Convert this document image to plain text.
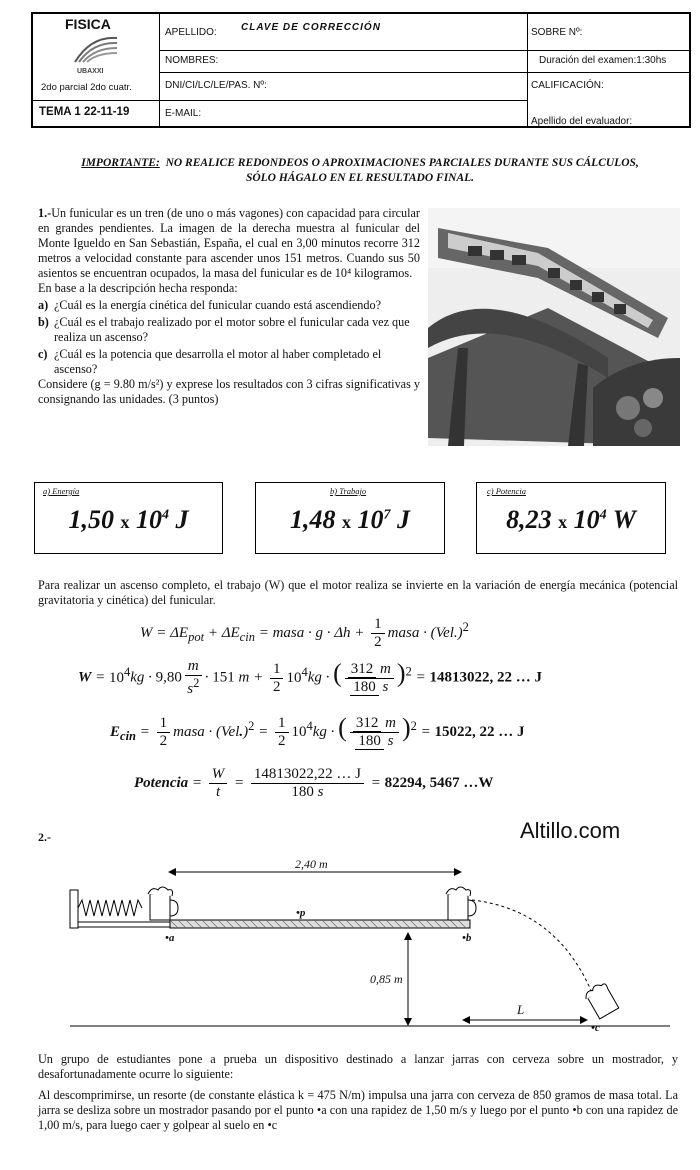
FISICA
UBAXXI
2do parcial 2do cuatr.
TEMA 1 22-11-19
APELLIDO: CLAVE DE CORRECCIÓN
NOMBRES:
DNI/CI/LC/LE/PAS. Nº:
E-MAIL:
SOBRE Nº:
Duración del examen:1:30hs
CALIFICACIÓN:
Apellido del evaluador:
IMPORTANTE: NO REALICE REDONDEOS O APROXIMACIONES PARCIALES DURANTE SUS CÁLCULOS,
SÓLO HÁGALO EN EL RESULTADO FINAL.
1.-Un funicular es un tren (de uno o más vagones) con capacidad para circular en grandes pendientes. La imagen de la derecha muestra al funicular del Monte Igueldo en San Sebastián, España, el cual en 3,00 minutos recorre 312 metros a velocidad constante para ascender unos 151 metros. Cuando sus 50 asientos se encuentran ocupados, la masa del funicular es de 10⁴ kilogramos.
En base a la descripción hecha responda:
a) ¿Cuál es la energía cinética del funicular cuando está ascendiendo?
b) ¿Cuál es el trabajo realizado por el motor sobre el funicular cada vez que realiza un ascenso?
c) ¿Cuál es la potencia que desarrolla el motor al haber completado el ascenso?
Considere (g = 9.80 m/s²) y exprese los resultados con 3 cifras significativas y consignando las unidades. (3 puntos)
a) Energía
1,50 x $10^4$ J
b) Trabajo
1,48 x $10^7$ J
c) Potencia
8,23 x $10^4$ W
Para realizar un ascenso completo, el trabajo (W) que el motor realiza se invierte en la variación de energía mecánica (potencial gravitatoria y cinética) del funicular.
$W = \Delta E_{pot} + \Delta E_{cin}$ = masa · $g \cdot \Delta h + \frac{1}{2}$ masa · $(Vel.)^2$
$W = 10^4kg \cdot 9,80 \frac{m}{s^2} \cdot 151$ $m + \frac{1}{2} 10^4kg$ · ( $\frac{312 m}{180 s} )^2 = 14813022$, 22 … J
$E_{cin} = \frac{1}{2}$ masa · $(Vel.)^2 = \frac{1}{2} 10^4kg$ · ( $\frac{312 m}{180 s} )^2 = 15022$, 22 … J
Potencia = $\frac{W}{t} = \frac{14813022,22 \dots J}{180 s} = 82294$, 5467 …W
Altillo.com
2.-
2,40 m
0,85 m
L
•a	•b
•c
•p
Un grupo de estudiantes pone a prueba un dispositivo destinado a lanzar jarras con cerveza sobre un mostrador, y desafortunadamente ocurre lo siguiente:
Al descomprimirse, un resorte (de constante elástica k = 475 N/m) impulsa una jarra con cerveza de 850 gramos de masa total. La jarra se desliza sobre un mostrador pasando por el punto •a con una rapidez de 1,50 m/s y luego por el punto •b con una rapidez de 1,00 m/s, para luego caer y golpear al suelo en •c
